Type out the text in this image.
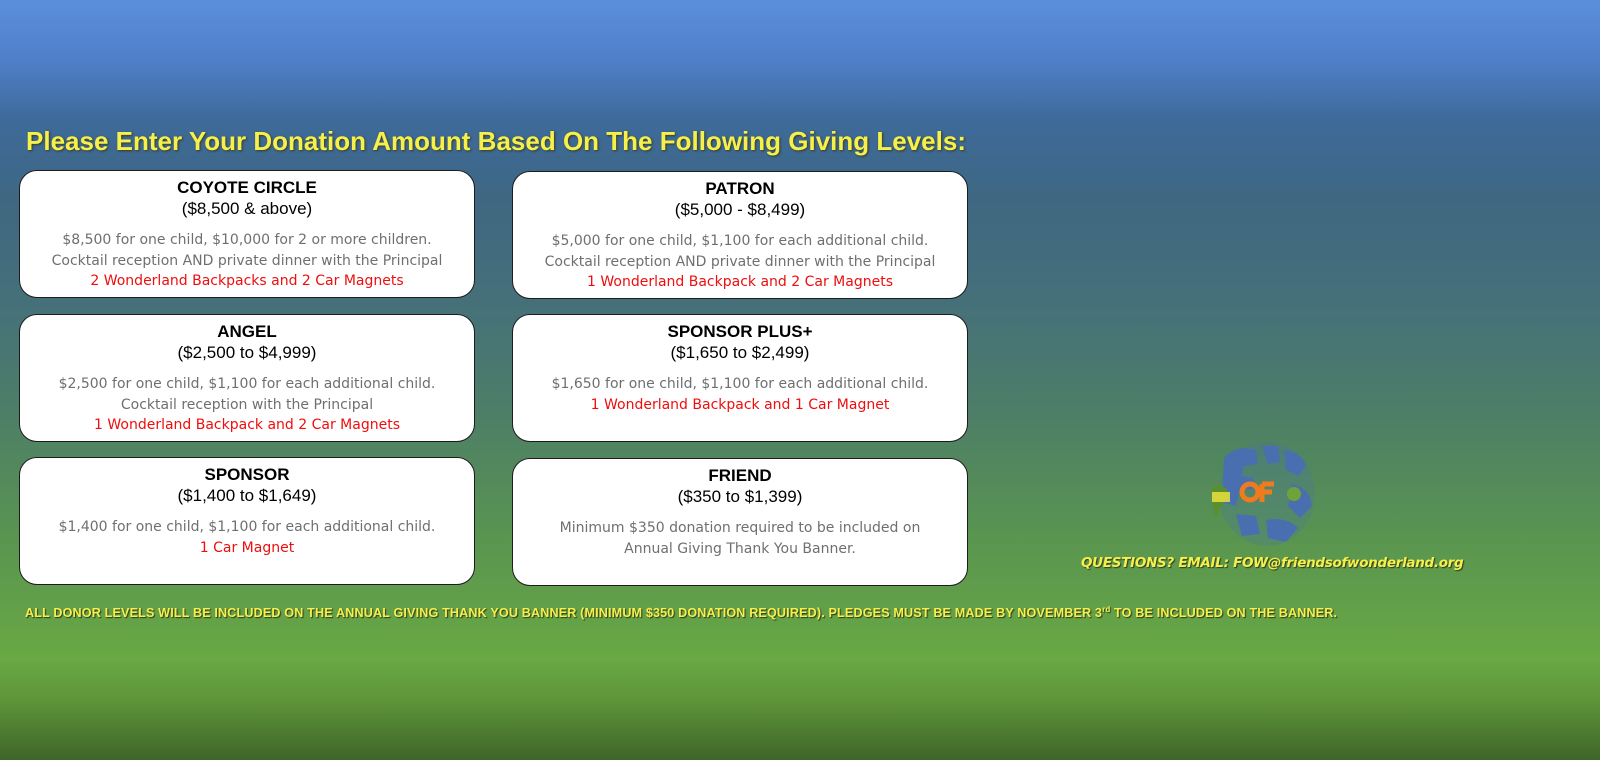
Please Enter Your Donation Amount Based On The Following Giving Levels:
COYOTE CIRCLE
($8,500 & above)
$8,500 for one child, $10,000 for 2 or more children.
Cocktail reception AND private dinner with the Principal
2 Wonderland Backpacks and 2 Car Magnets
PATRON
($5,000 - $8,499)
$5,000 for one child, $1,100 for each additional child.
Cocktail reception AND private dinner with the Principal
1 Wonderland Backpack and 2 Car Magnets
ANGEL
($2,500 to $4,999)
$2,500 for one child, $1,100 for each additional child.
Cocktail reception with the Principal
1 Wonderland Backpack and 2 Car Magnets
SPONSOR PLUS+
($1,650 to $2,499)
$1,650 for one child, $1,100 for each additional child.
1 Wonderland Backpack and 1 Car Magnet
SPONSOR
($1,400 to $1,649)
$1,400 for one child, $1,100 for each additional child.
1 Car Magnet
FRIEND
($350 to $1,399)
Minimum $350 donation required to be included on
Annual Giving Thank You Banner.
QUESTIONS? EMAIL: FOW@friendsofwonderland.org
ALL DONOR LEVELS WILL BE INCLUDED ON THE ANNUAL GIVING THANK YOU BANNER (MINIMUM $350 DONATION REQUIRED). PLEDGES MUST BE MADE BY NOVEMBER 3rd TO BE INCLUDED ON THE BANNER.
